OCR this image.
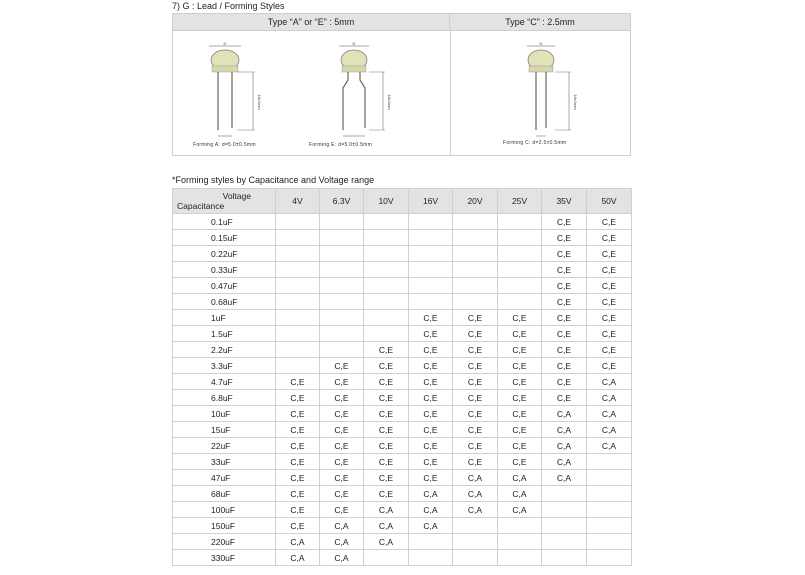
7) G : Lead / Forming Styles
Type “A” or “E” : 5mm	Type “C” : 2.5mm
D
18±1mm
Forming A: d=5.0±0.5mm
D
18±1mm
Forming E: d=5.0±0.5mm
D
18±1mm
Forming C: d=2.5±0.5mm
*Forming styles by Capacitance and Voltage range
Voltage
Capacitance	4V	6.3V	10V	16V	20V	25V	35V	50V
0.1uF							C,E	C,E
0.15uF							C,E	C,E
0.22uF							C,E	C,E
0.33uF							C,E	C,E
0.47uF							C,E	C,E
0.68uF							C,E	C,E
1uF				C,E	C,E	C,E	C,E	C,E
1.5uF				C,E	C,E	C,E	C,E	C,E
2.2uF			C,E	C,E	C,E	C,E	C,E	C,E
3.3uF		C,E	C,E	C,E	C,E	C,E	C,E	C,E
4.7uF	C,E	C,E	C,E	C,E	C,E	C,E	C,E	C,A
6.8uF	C,E	C,E	C,E	C,E	C,E	C,E	C,E	C,A
10uF	C,E	C,E	C,E	C,E	C,E	C,E	C,A	C,A
15uF	C,E	C,E	C,E	C,E	C,E	C,E	C,A	C,A
22uF	C,E	C,E	C,E	C,E	C,E	C,E	C,A	C,A
33uF	C,E	C,E	C,E	C,E	C,E	C,E	C,A	
47uF	C,E	C,E	C,E	C,E	C,A	C,A	C,A	
68uF	C,E	C,E	C,E	C,A	C,A	C,A		
100uF	C,E	C,E	C,A	C,A	C,A	C,A		
150uF	C,E	C,A	C,A	C,A				
220uF	C,A	C,A	C,A					
330uF	C,A	C,A						
